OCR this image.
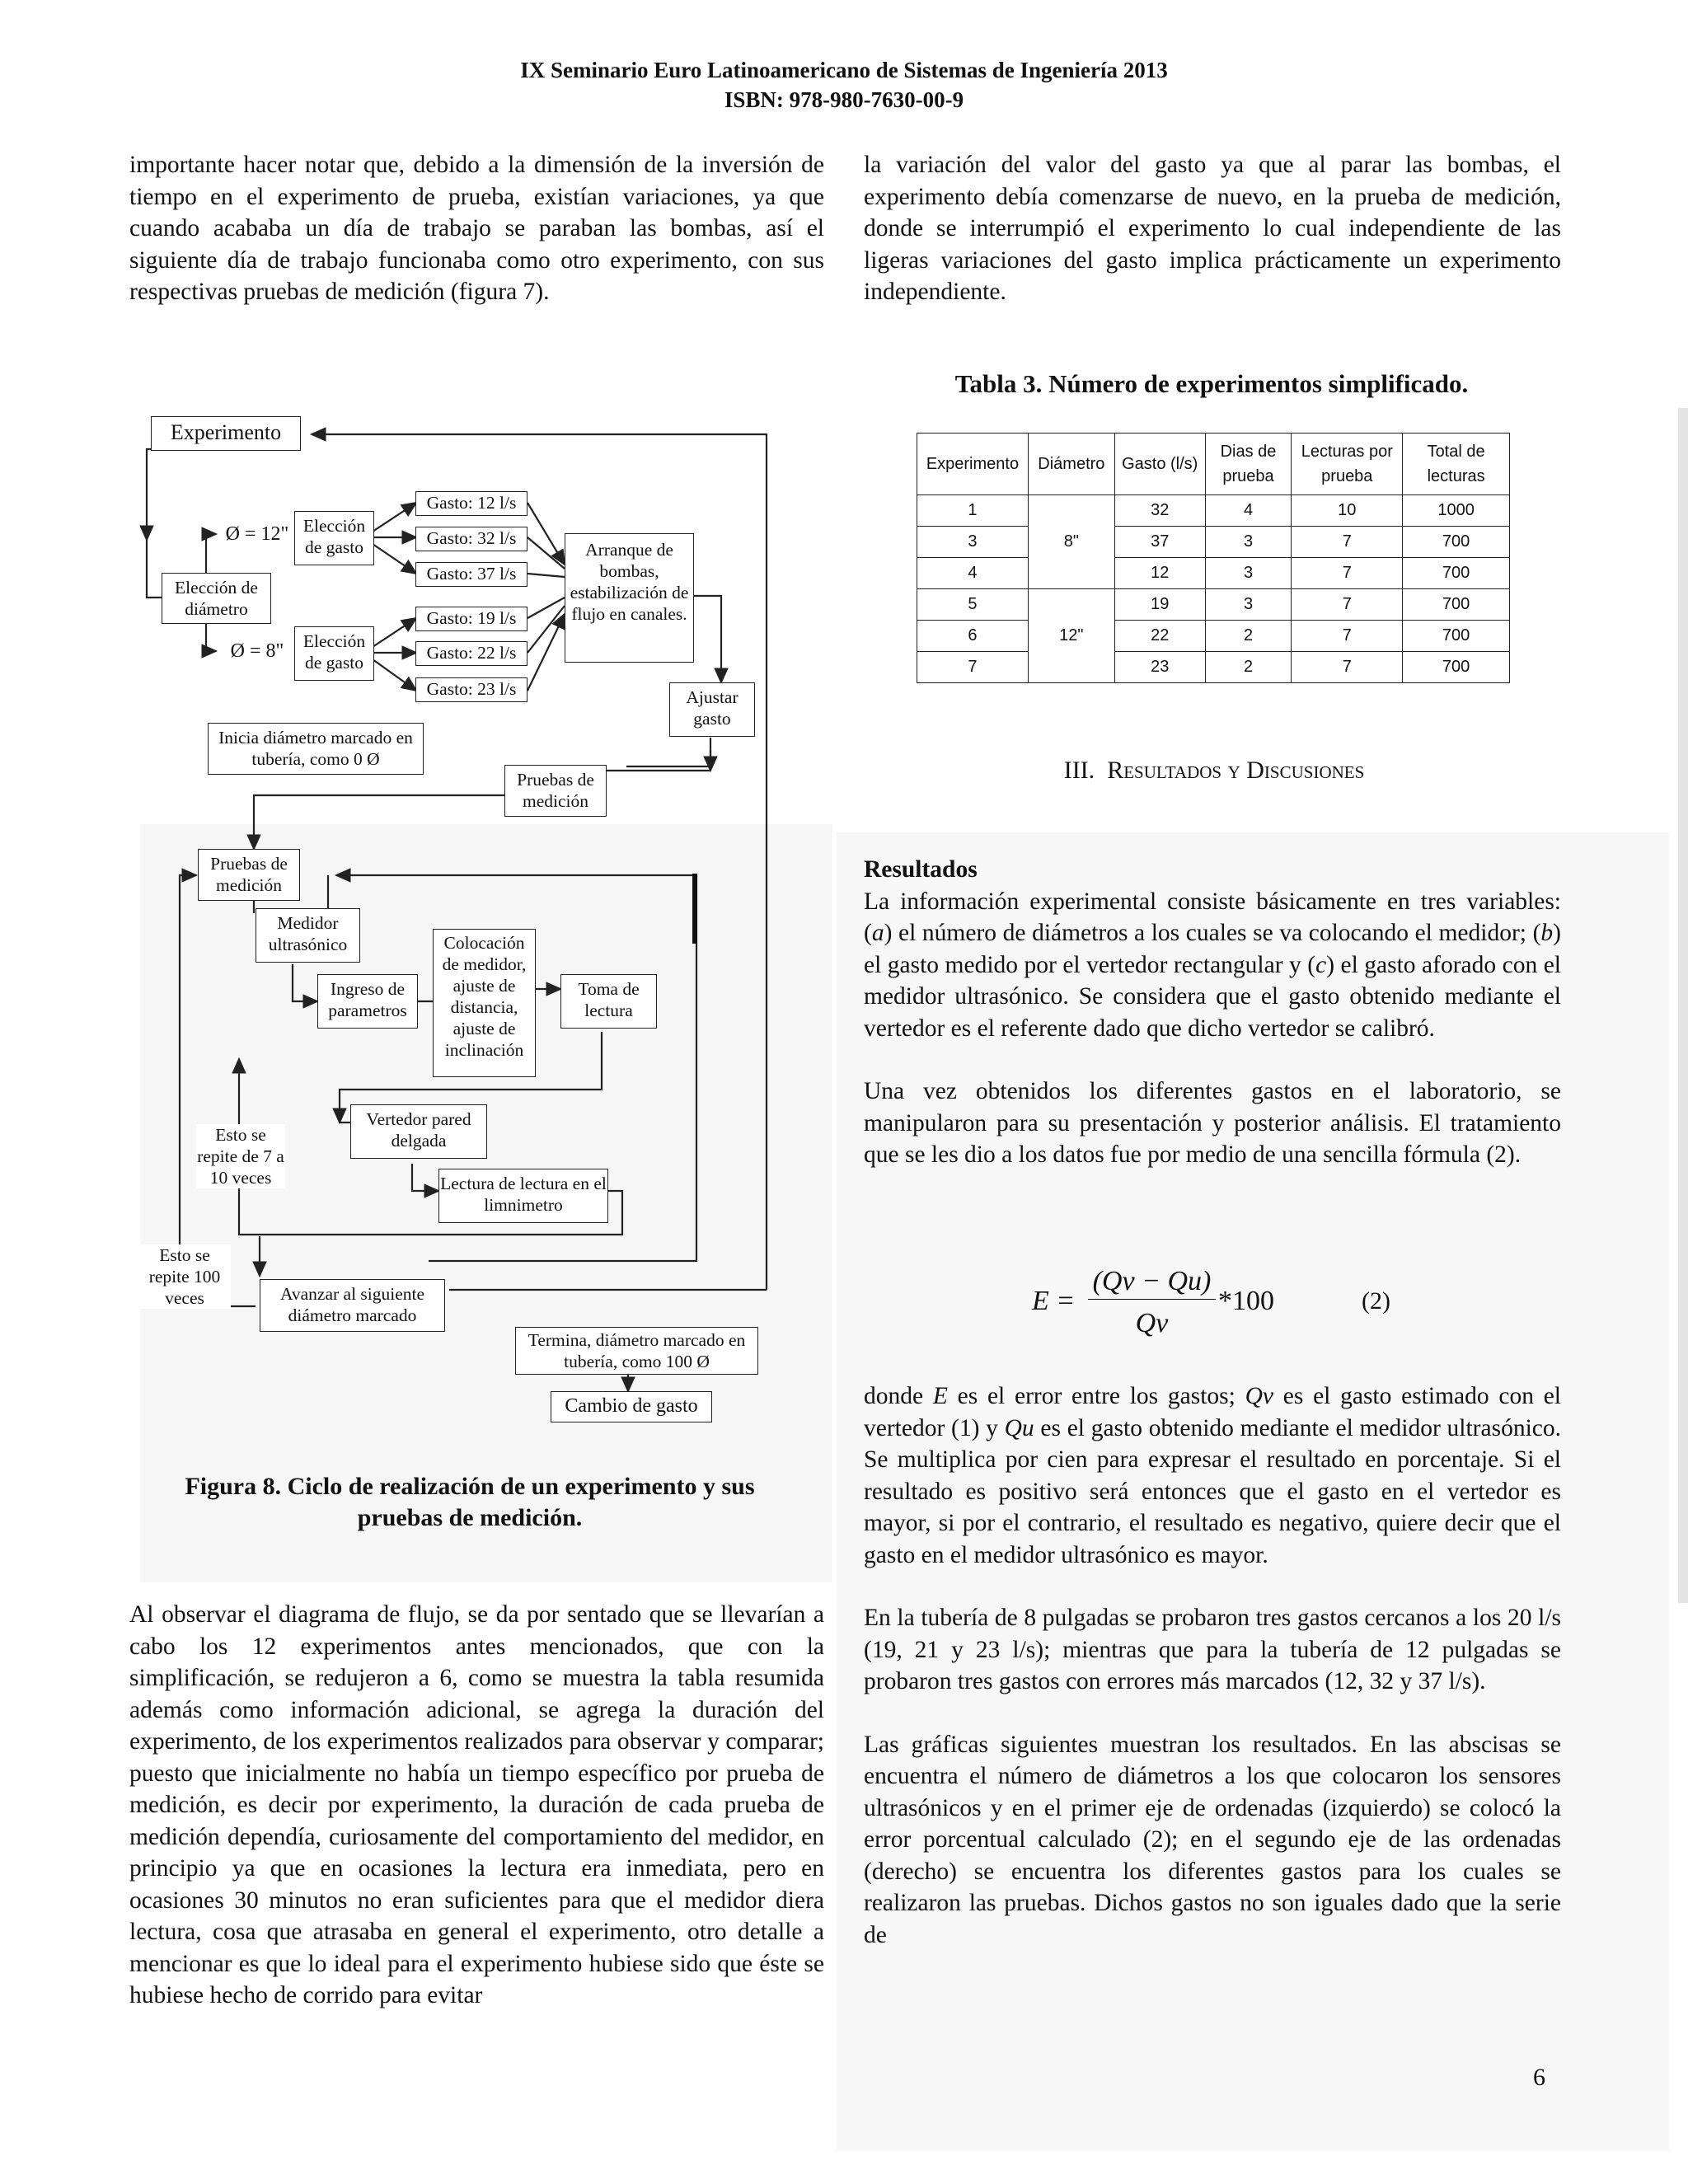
IX Seminario Euro Latinoamericano de Sistemas de Ingeniería 2013
ISBN: 978-980-7630-00-9

importante hacer notar que, debido a la dimensión de la inversión de tiempo en el experimento de prueba, existían variaciones, ya que cuando acababa un día de trabajo se paraban las bombas, así el siguiente día de trabajo funcionaba como otro experimento, con sus respectivas pruebas de medición (figura 7).

la variación del valor del gasto ya que al parar las bombas, el experimento debía comenzarse de nuevo, en la prueba de medición, donde se interrumpió el experimento lo cual independiente de las ligeras variaciones del gasto implica prácticamente un experimento independiente.

Experimento
Ø = 12" Elección de gasto
Elección de diámetro
Ø = 8"	Elección de gasto
Gasto: 12 l/s
Gasto: 32 l/s
Gasto: 37 l/s
Gasto: 19 l/s
Gasto: 22 l/s
Gasto: 23 l/s
Arranque de bombas, estabilización de flujo en canales.
Ajustar gasto
Inicia diámetro marcado en tubería, como 0 Ø
Pruebas de medición
Pruebas de medición
Medidor ultrasónico
Ingreso de parametros
Colocación de medidor, ajuste de distancia, ajuste de inclinación
Toma de lectura
Vertedor pared delgada
Lectura de lectura en el limnimetro
Esto se repite de 7 a 10 veces
Esto se repite 100 veces	Avanzar al siguiente diámetro marcado
Termina, diámetro marcado en tubería, como 100 Ø
Cambio de gasto
Figura 8. Ciclo de realización de un experimento y sus pruebas de medición.

Al observar el diagrama de flujo, se da por sentado que se llevarían a cabo los 12 experimentos antes mencionados, que con la simplificación, se redujeron a 6, como se muestra la tabla resumida además como información adicional, se agrega la duración del experimento, de los experimentos realizados para observar y comparar; puesto que inicialmente no había un tiempo específico por prueba de medición, es decir por experimento, la duración de cada prueba de medición dependía, curiosamente del comportamiento del medidor, en principio ya que en ocasiones la lectura era inmediata, pero en ocasiones 30 minutos no eran suficientes para que el medidor diera lectura, cosa que atrasaba en general el experimento, otro detalle a mencionar es que lo ideal para el experimento hubiese sido que éste se hubiese hecho de corrido para evitar

Tabla 3. Número de experimentos simplificado.
Experimento	Diámetro	Gasto (l/s)	Dias de prueba	Lecturas por prueba	Total de lecturas
1	8"	32	4	10	1000
3		37	3	7	700
4		12	3	7	700
5	12"	19	3	7	700
6		22	2	7	700
7		23	2	7	700
III. Resultados y Discusiones

Resultados

La información experimental consiste básicamente en tres variables: (a) el número de diámetros a los cuales se va colocando el medidor; (b) el gasto medido por el vertedor rectangular y (c) el gasto aforado con el medidor ultrasónico. Se considera que el gasto obtenido mediante el vertedor es el referente dado que dicho vertedor se calibró.

Una vez obtenidos los diferentes gastos en el laboratorio, se manipularon para su presentación y posterior análisis. El tratamiento que se les dio a los datos fue por medio de una sencilla fórmula (2).

E =
(Qv − Qu)
Qv
*100	(2)

donde E es el error entre los gastos; Qv es el gasto estimado con el vertedor (1) y Qu es el gasto obtenido mediante el medidor ultrasónico. Se multiplica por cien para expresar el resultado en porcentaje. Si el resultado es positivo será entonces que el gasto en el vertedor es mayor, si por el contrario, el resultado es negativo, quiere decir que el gasto en el medidor ultrasónico es mayor.

En la tubería de 8 pulgadas se probaron tres gastos cercanos a los 20 l/s (19, 21 y 23 l/s); mientras que para la tubería de 12 pulgadas se probaron tres gastos con errores más marcados (12, 32 y 37 l/s).

Las gráficas siguientes muestran los resultados. En las abscisas se encuentra el número de diámetros a los que colocaron los sensores ultrasónicos y en el primer eje de ordenadas (izquierdo) se colocó la error porcentual calculado (2); en el segundo eje de las ordenadas (derecho) se encuentra los diferentes gastos para los cuales se realizaron las pruebas. Dichos gastos no son iguales dado que la serie de

6
